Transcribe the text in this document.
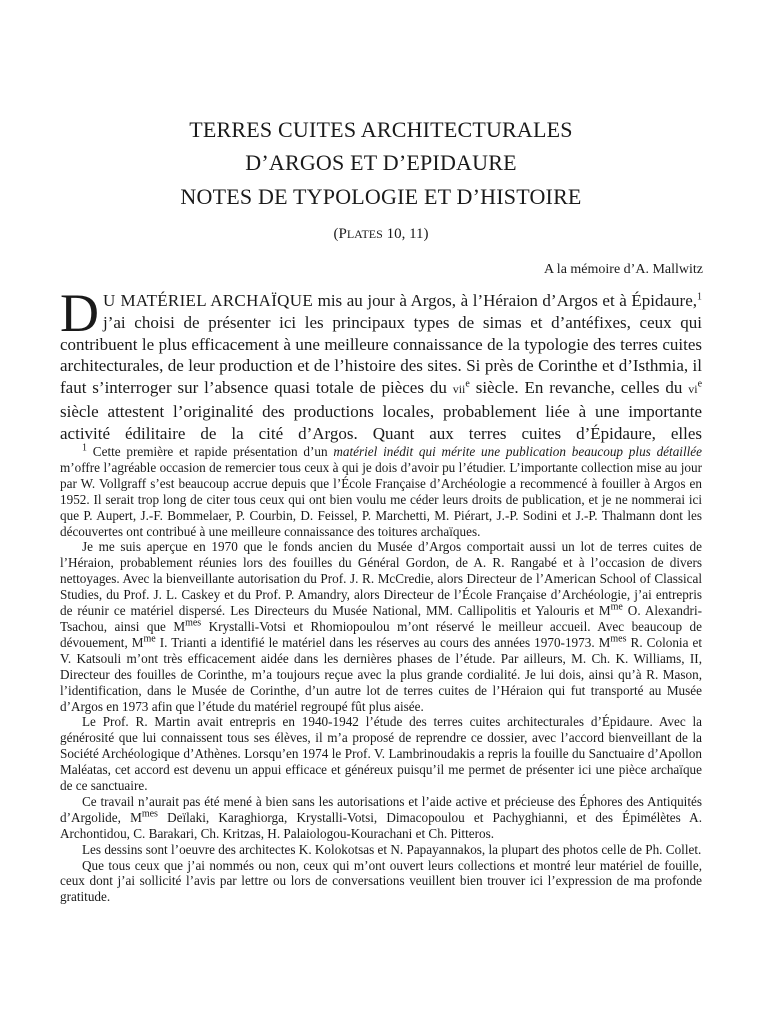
TERRES CUITES ARCHITECTURALES
D’ARGOS ET D’EPIDAURE
NOTES DE TYPOLOGIE ET D’HISTOIRE
(PLATES 10, 11)
A la mémoire d’A. Mallwitz
D U MATÉRIEL ARCHAÏQUE mis au jour à Argos, à l’Héraion d’Argos et à Épidaure,$^1$ j’ai choisi de présenter ici les principaux types de simas et d’antéfixes, ceux qui contribuent le plus efficacement à une meilleure connaissance de la typologie des terres cuites architecturales, de leur production et de l’histoire des sites. Si près de Corinthe et d’Isthmia, il faut s’interroger sur l’absence quasi totale de pièces du vii$^e$ siècle. En revanche, celles du $vi^e$ siècle attestent l’originalité des productions locales, probablement liée à une importante activité édilitaire de la cité d’Argos. Quant aux terres cuites d’Épidaure, elles

$^1$ Cette première et rapide présentation d’un matériel inédit qui mérite une publication beaucoup plus détaillée m’offre l’agréable occasion de remercier tous ceux à qui je dois d’avoir pu l’étudier. L’importante collection mise au jour par W. Vollgraff s’est beaucoup accrue depuis que l’École Française d’Archéologie a recommencé à fouiller à Argos en 1952. Il serait trop long de citer tous ceux qui ont bien voulu me céder leurs droits de publication, et je ne nommerai ici que P. Aupert, J.-F. Bommelaer, P. Courbin, D. Feissel, P. Marchetti, M. Piérart, J.-P. Sodini et J.-P. Thalmann dont les découvertes ont contribué à une meilleure connaissance des toitures archaïques.

Je me suis aperçue en 1970 que le fonds ancien du Musée d’Argos comportait aussi un lot de terres cuites de l’Héraion, probablement réunies lors des fouilles du Général Gordon, de A. R. Rangabé et à l’occasion de divers nettoyages. Avec la bienveillante autorisation du Prof. J. R. McCredie, alors Directeur de l’American School of Classical Studies, du Prof. J. L. Caskey et du Prof. P. Amandry, alors Directeur de l’École Française d’Archéologie, j’ai entrepris de réunir ce matériel dispersé. Les Directeurs du Musée National, MM. Callipolitis et Yalouris et $M^{me}$ O. Alexandri-Tsachou, ainsi que $M^{mes}$ Krystalli-Votsi et Rhomiopoulou m’ont réservé le meilleur accueil. Avec beaucoup de dévouement, $M^{me}$ I. Trianti a identifié le matériel dans les réserves au cours des années 1970-1973. $M^{mes}$ R. Colonia et V. Katsouli m’ont très efficacement aidée dans les dernières phases de l’étude. Par ailleurs, M. Ch. K. Williams, II, Directeur des fouilles de Corinthe, m’a toujours reçue avec la plus grande cordialité. Je lui dois, ainsi qu’à R. Mason, l’identification, dans le Musée de Corinthe, d’un autre lot de terres cuites de l’Héraion qui fut transporté au Musée d’Argos en 1973 afin que l’étude du matériel regroupé fût plus aisée.

Le Prof. R. Martin avait entrepris en 1940-1942 l’étude des terres cuites architecturales d’Épidaure. Avec la générosité que lui connaissent tous ses élèves, il m’a proposé de reprendre ce dossier, avec l’accord bienveillant de la Société Archéologique d’Athènes. Lorsqu’en 1974 le Prof. V. Lambrinoudakis a repris la fouille du Sanctuaire d’Apollon Maléatas, cet accord est devenu un appui efficace et généreux puisqu’il me permet de présenter ici une pièce archaïque de ce sanctuaire.

Ce travail n’aurait pas été mené à bien sans les autorisations et l’aide active et précieuse des Éphores des Antiquités d’Argolide, $M^{mes}$ Deïlaki, Karaghiorga, Krystalli-Votsi, Dimacopoulou et Pachyghianni, et des Épimélètes A. Archontidou, C. Barakari, Ch. Kritzas, H. Palaiologou-Kourachani et Ch. Pitteros.

Les dessins sont l’oeuvre des architectes K. Kolokotsas et N. Papayannakos, la plupart des photos celle de Ph. Collet.

Que tous ceux que j’ai nommés ou non, ceux qui m’ont ouvert leurs collections et montré leur matériel de fouille, ceux dont j’ai sollicité l’avis par lettre ou lors de conversations veuillent bien trouver ici l’expression de ma profonde gratitude.
